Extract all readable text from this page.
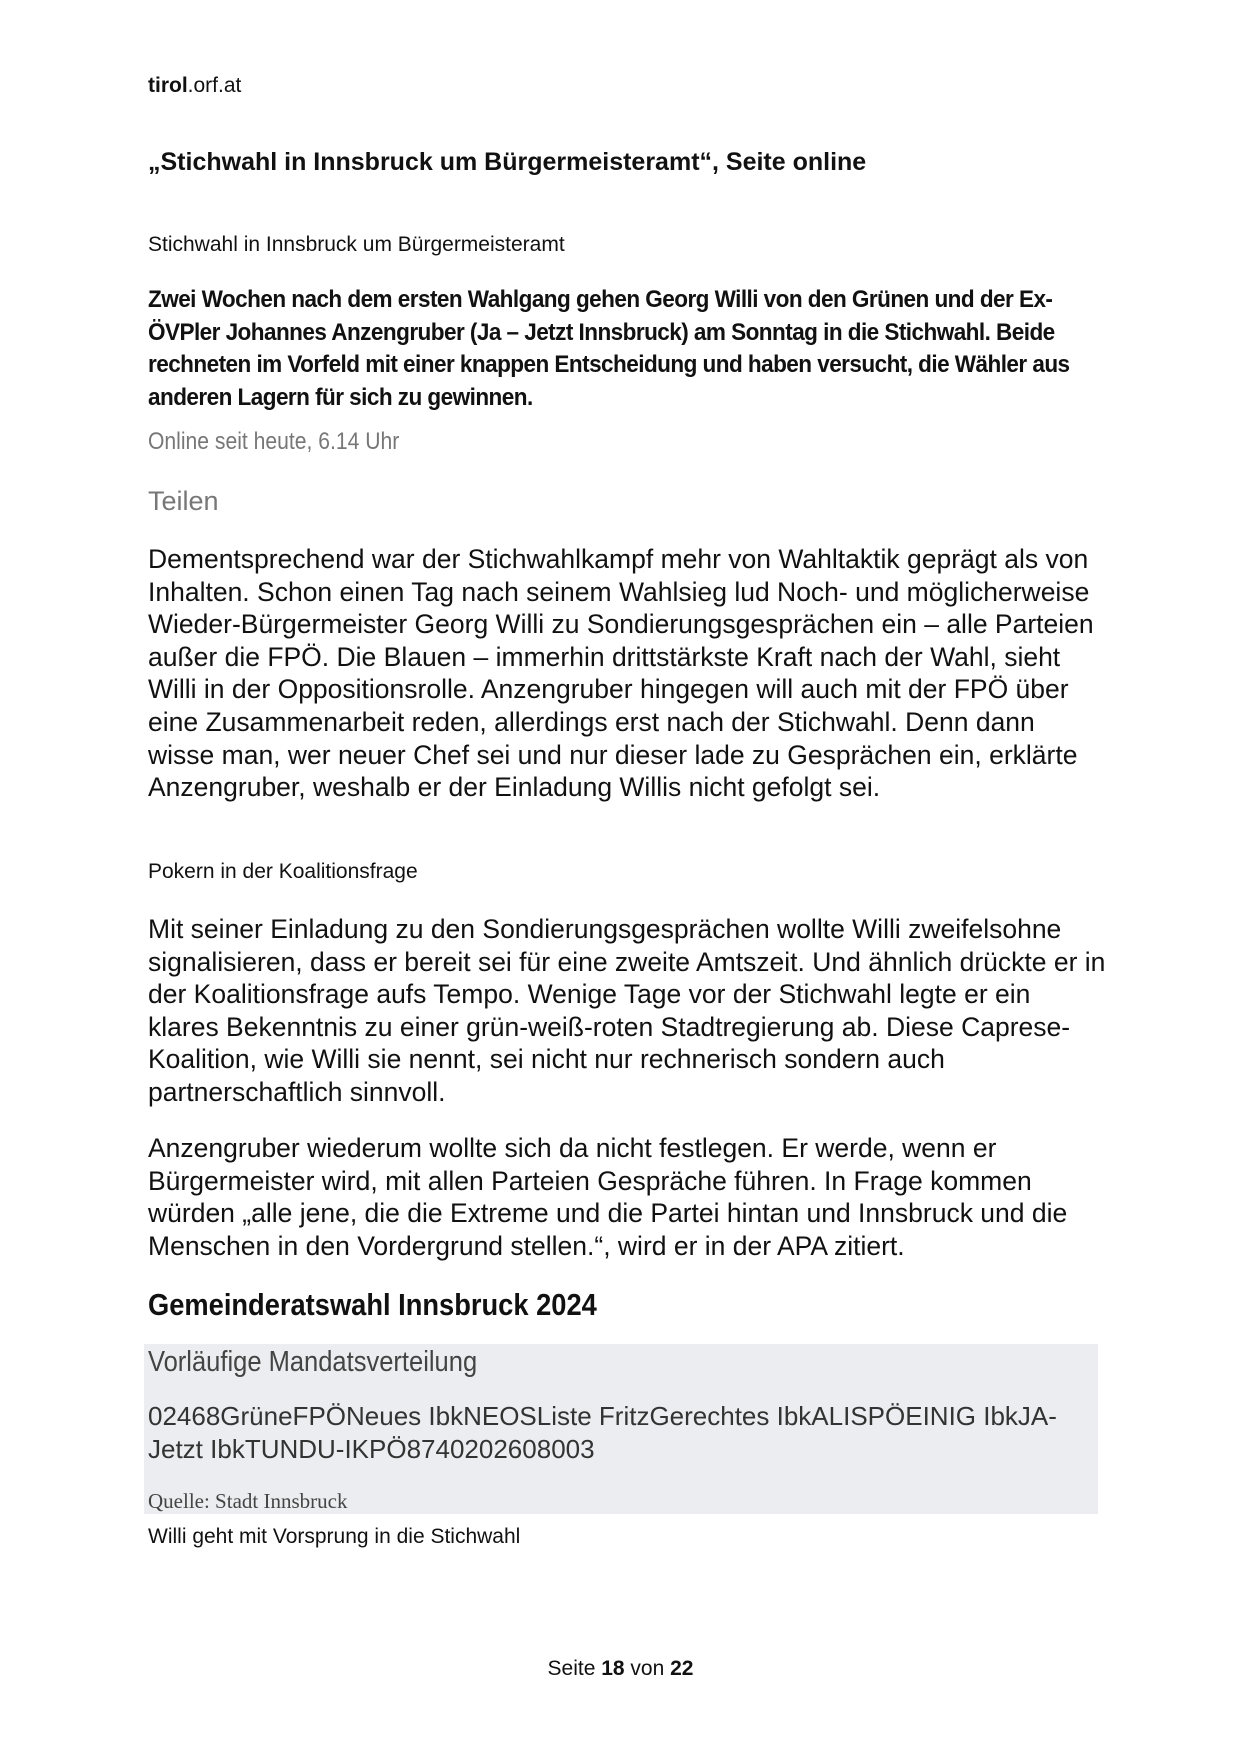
tirol.orf.at
„Stichwahl in Innsbruck um Bürgermeisteramt“, Seite online
Stichwahl in Innsbruck um Bürgermeisteramt
Zwei Wochen nach dem ersten Wahlgang gehen Georg Willi von den Grünen und der Ex-ÖVPler Johannes Anzengruber (Ja – Jetzt Innsbruck) am Sonntag in die Stichwahl. Beide rechneten im Vorfeld mit einer knappen Entscheidung und haben versucht, die Wähler aus anderen Lagern für sich zu gewinnen.
Online seit heute, 6.14 Uhr
Teilen
Dementsprechend war der Stichwahlkampf mehr von Wahltaktik geprägt als von Inhalten. Schon einen Tag nach seinem Wahlsieg lud Noch- und möglicherweise Wieder-Bürgermeister Georg Willi zu Sondierungsgesprächen ein – alle Parteien außer die FPÖ. Die Blauen – immerhin drittstärkste Kraft nach der Wahl, sieht Willi in der Oppositionsrolle. Anzengruber hingegen will auch mit der FPÖ über eine Zusammenarbeit reden, allerdings erst nach der Stichwahl. Denn dann wisse man, wer neuer Chef sei und nur dieser lade zu Gesprächen ein, erklärte Anzengruber, weshalb er der Einladung Willis nicht gefolgt sei.
Pokern in der Koalitionsfrage
Mit seiner Einladung zu den Sondierungsgesprächen wollte Willi zweifelsohne signalisieren, dass er bereit sei für eine zweite Amtszeit. Und ähnlich drückte er in der Koalitionsfrage aufs Tempo. Wenige Tage vor der Stichwahl legte er ein klares Bekenntnis zu einer grün-weiß-roten Stadtregierung ab. Diese Caprese-Koalition, wie Willi sie nennt, sei nicht nur rechnerisch sondern auch partnerschaftlich sinnvoll.
Anzengruber wiederum wollte sich da nicht festlegen. Er werde, wenn er Bürgermeister wird, mit allen Parteien Gespräche führen. In Frage kommen würden „alle jene, die die Extreme und die Partei hintan und Innsbruck und die Menschen in den Vordergrund stellen.“, wird er in der APA zitiert.
Gemeinderatswahl Innsbruck 2024
Vorläufige Mandatsverteilung
02468GrüneFPÖNeues IbkNEOSListe FritzGerechtes IbkALISPÖEINIG IbkJA-Jetzt IbkTUNDU-IKPÖ8740202608003
Quelle: Stadt Innsbruck
Willi geht mit Vorsprung in die Stichwahl
Seite 18 von 22
